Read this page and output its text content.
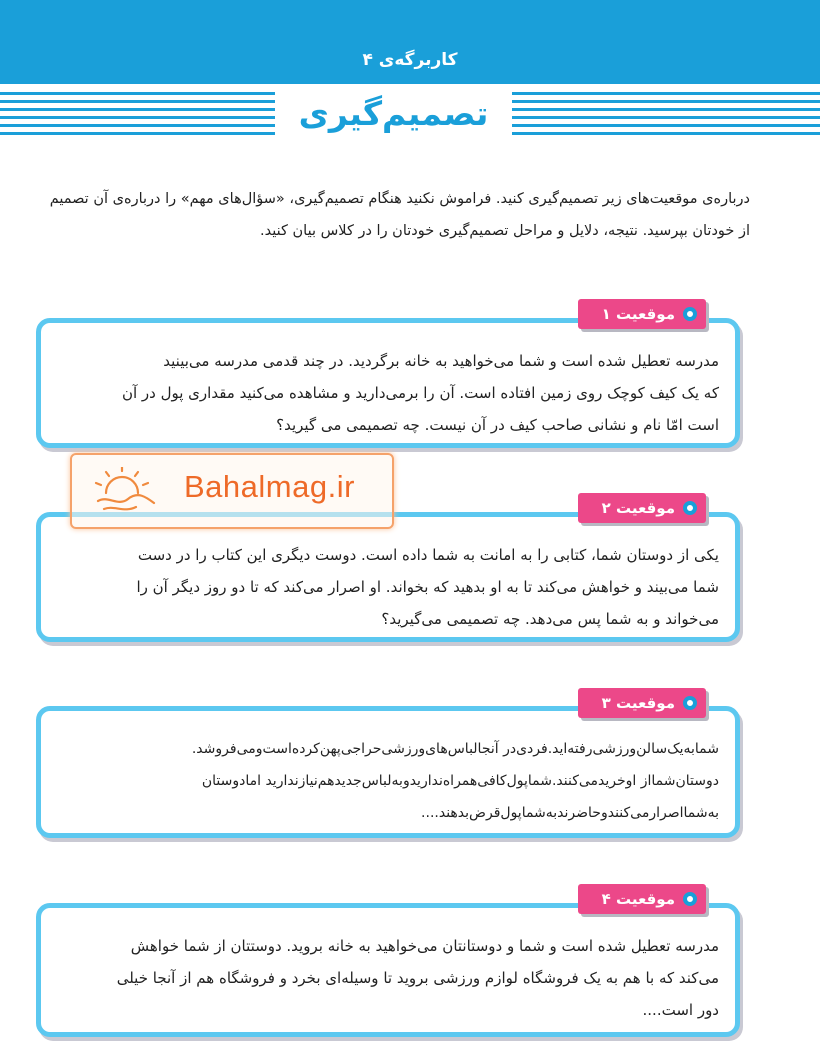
کاربرگه‌ی ۴
تصمیم‌گیری
درباره‌ی موقعیت‌های زیر تصمیم‌گیری کنید. فراموش نکنید هنگام تصمیم‌گیری، «سؤال‌های مهم» را درباره‌ی آن تصمیم
از خودتان بپرسید. نتیجه، دلایل و مراحل تصمیم‌گیری خودتان را در کلاس بیان کنید.
مدرسه تعطیل شده است و شما می‌خواهید به خانه برگردید. در چند قدمی مدرسه می‌بینید
که یک کیف کوچک روی زمین افتاده است. آن را برمی‌دارید و مشاهده می‌کنید مقداری پول در آن
است امّا نام و نشانی صاحب کیف در آن نیست. چه تصمیمی می گیرید؟
موقعیت ۱
یکی از دوستان شما، کتابی را به امانت به شما داده است. دوست دیگری این کتاب را در دست
شما می‌بیند و خواهش می‌کند تا به او بدهید که بخواند. او اصرار می‌کند که تا دو روز دیگر آن را
می‌خواند و به شما پس می‌دهد. چه تصمیمی می‌گیرید؟
موقعیت ۲
شمابه‌یک‌سالن‌ورزشی‌رفته‌اید.فردی‌در آنجالباس‌های‌ورزشی‌حراجی‌پهن‌کرده‌است‌ومی‌فروشد.
دوستان‌شما‌از او‌خرید‌می‌کنند.شما‌پول‌کافی‌همراه‌ندارید‌و‌به‌لباس‌جدید‌هم‌نیاز‌ندارید امادوستان
به‌شما‌اصرار‌می‌کنند‌و‌حاضرند‌به‌شما‌پول‌قرض‌بدهند....
موقعیت ۳
مدرسه تعطیل شده است و شما و دوستانتان می‌خواهید به خانه بروید. دوستتان از شما خواهش
می‌کند که با هم به یک فروشگاه لوازم ورزشی بروید تا وسیله‌ای بخرد و فروشگاه هم از آنجا خیلی
دور است....
موقعیت ۴
Bahalmag.ir
